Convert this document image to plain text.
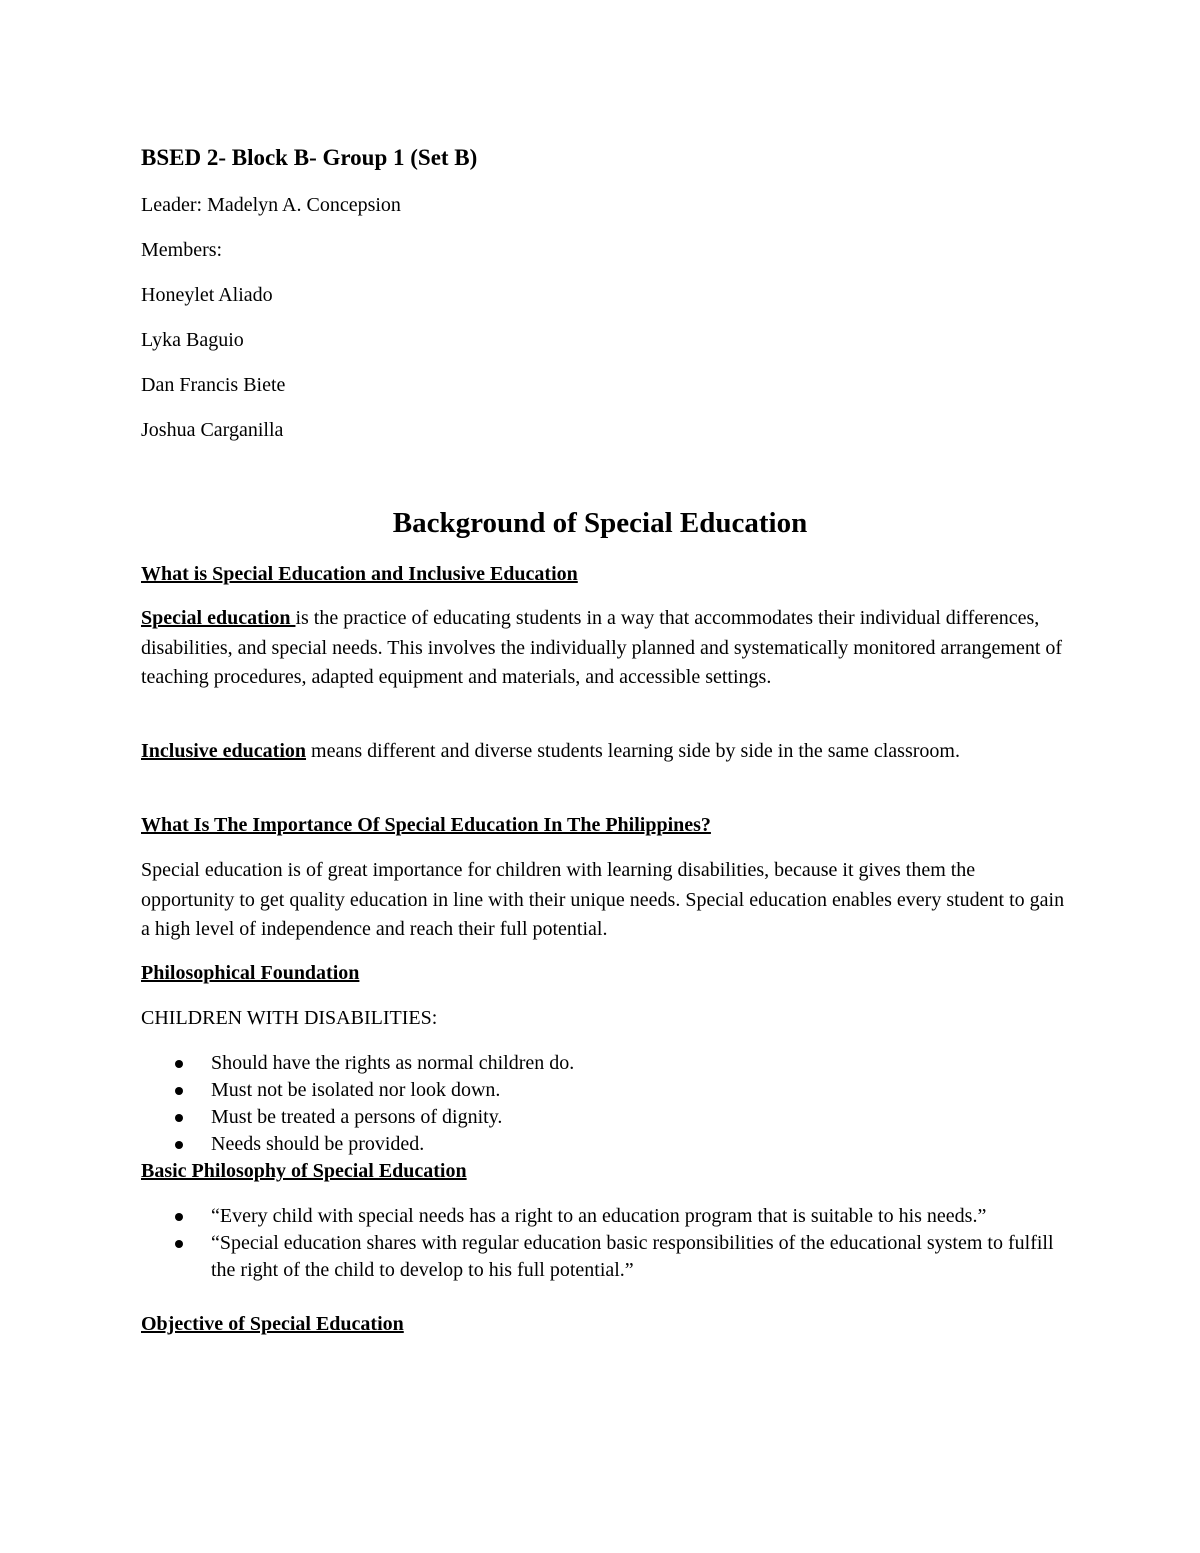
BSED 2- Block B- Group 1 (Set B)

Leader: Madelyn A. Concepsion

Members:

Honeylet Aliado

Lyka Baguio

Dan Francis Biete

Joshua Carganilla

Background of Special Education

What is Special Education and Inclusive Education

Special education is the practice of educating students in a way that accommodates their individual differences, disabilities, and special needs. This involves the individually planned and systematically monitored arrangement of teaching procedures, adapted equipment and materials, and accessible settings.

Inclusive education means different and diverse students learning side by side in the same classroom.

What Is The Importance Of Special Education In The Philippines?

Special education is of great importance for children with learning disabilities, because it gives them the opportunity to get quality education in line with their unique needs. Special education enables every student to gain a high level of independence and reach their full potential.

Philosophical Foundation

CHILDREN WITH DISABILITIES:

Should have the rights as normal children do.
Must not be isolated nor look down.
Must be treated a persons of dignity.
Needs should be provided.

Basic Philosophy of Special Education

“Every child with special needs has a right to an education program that is suitable to his needs.”
“Special education shares with regular education basic responsibilities of the educational system to fulfill the right of the child to develop to his full potential.”

Objective of Special Education
